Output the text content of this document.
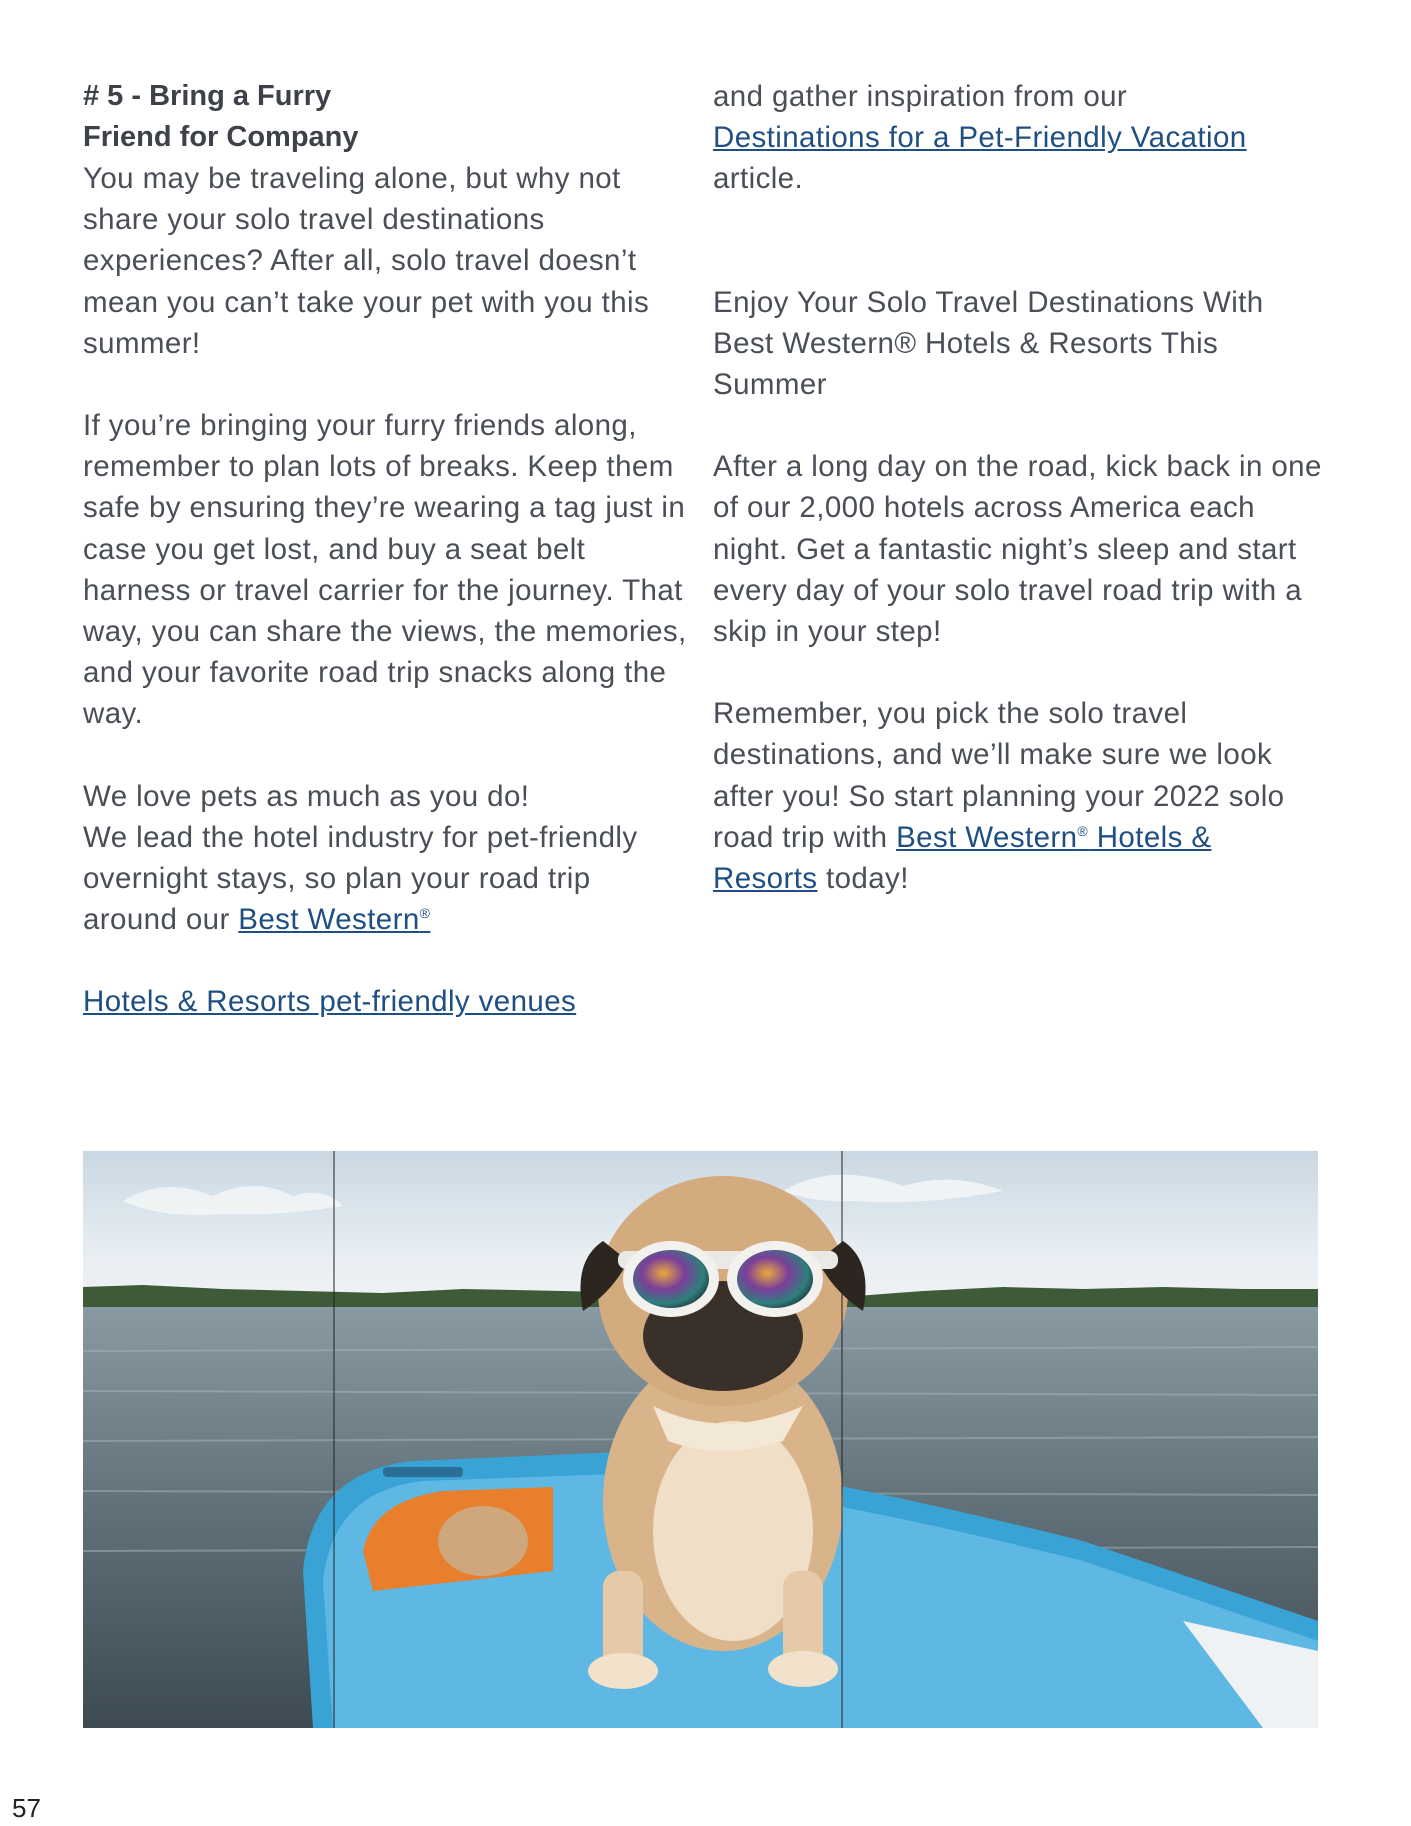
# 5 - Bring a Furry
Friend for Company

You may be traveling alone, but why not share your solo travel destinations experiences? After all, solo travel doesn’t mean you can’t take your pet with you this summer!

If you’re bringing your furry friends along, remember to plan lots of breaks. Keep them safe by ensuring they’re wearing a tag just in case you get lost, and buy a seat belt harness or travel carrier for the journey. That way, you can share the views, the memories, and your favorite road trip snacks along the way.

We love pets as much as you do!
We lead the hotel industry for pet-friendly overnight stays, so plan your road trip around our Best Western®

Hotels & Resorts pet-friendly venues

and gather inspiration from our
Destinations for a Pet-Friendly Vacation article.

Enjoy Your Solo Travel Destinations With Best Western® Hotels & Resorts This Summer

After a long day on the road, kick back in one of our 2,000 hotels across America each night. Get a fantastic night’s sleep and start every day of your solo travel road trip with a skip in your step!

Remember, you pick the solo travel destinations, and we’ll make sure we look after you! So start planning your 2022 solo road trip with Best Western® Hotels & Resorts today!

57
